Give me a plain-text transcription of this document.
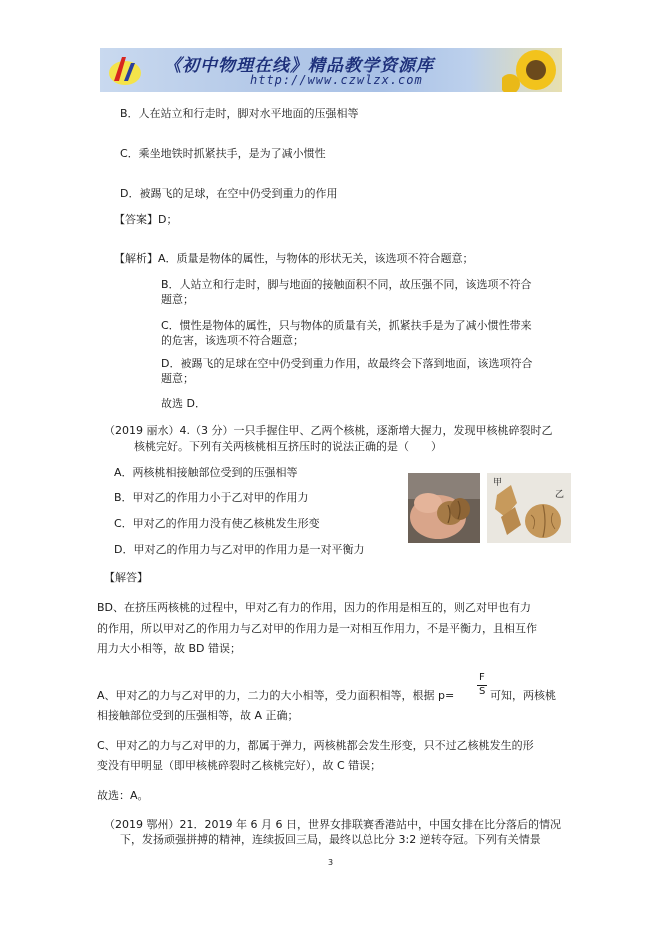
《初中物理在线》精品教学资源库
http://www.czwlzx.com
B．人在站立和行走时，脚对水平地面的压强相等
C．乘坐地铁时抓紧扶手，是为了减小惯性
D．被踢飞的足球，在空中仍受到重力的作用
【答案】D；
【解析】A．质量是物体的属性，与物体的形状无关，该选项不符合题意；
B．人站立和行走时，脚与地面的接触面积不同，故压强不同，该选项不符合
题意；
C．惯性是物体的属性，只与物体的质量有关，抓紧扶手是为了减小惯性带来
的危害，该选项不符合题意；
D．被踢飞的足球在空中仍受到重力作用，故最终会下落到地面，该选项符合
题意；
故选 D．
（2019 丽水）4.（3 分）一只手握住甲、乙两个核桃，逐渐增大握力，发现甲核桃碎裂时乙
核桃完好。下列有关两核桃相互挤压时的说法正确的是（　　）
A．两核桃相接触部位受到的压强相等
B．甲对乙的作用力小于乙对甲的作用力
C．甲对乙的作用力没有使乙核桃发生形变
D．甲对乙的作用力与乙对甲的作用力是一对平衡力
甲
乙
【解答】
BD、在挤压两核桃的过程中，甲对乙有力的作用，因力的作用是相互的，则乙对甲也有力
的作用，所以甲对乙的作用力与乙对甲的作用力是一对相互作用力，不是平衡力，且相互作
用力大小相等，故 BD 错误；
A、甲对乙的力与乙对甲的力，二力的大小相等，受力面积相等，根据 p=
F
S 可知，两核桃
相接触部位受到的压强相等，故 A 正确；
C、甲对乙的力与乙对甲的力，都属于弹力，两核桃都会发生形变，只不过乙核桃发生的形
变没有甲明显（即甲核桃碎裂时乙核桃完好），故 C 错误；
故选：A。
（2019 鄂州）21．2019 年 6 月 6 日，世界女排联赛香港站中，中国女排在比分落后的情况
下，发扬顽强拼搏的精神，连续扳回三局，最终以总比分 3:2 逆转夺冠。下列有关情景
3
